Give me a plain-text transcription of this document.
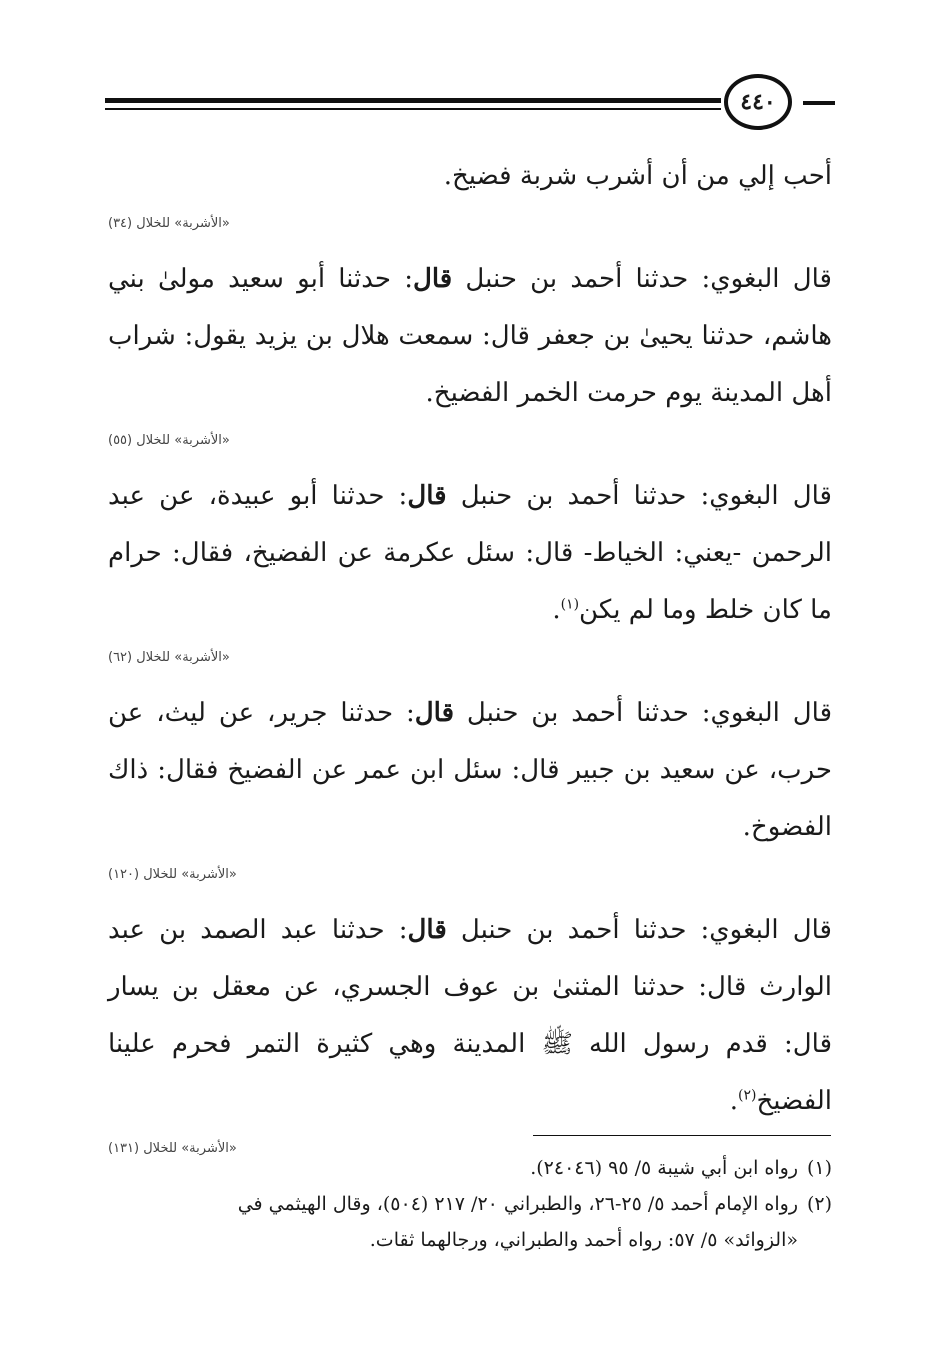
٤٤٠

أحب إلي من أن أشرب شربة فضيخ.

«الأشربة» للخلال (٣٤)

قال البغوي: حدثنا أحمد بن حنبل قال: حدثنا أبو سعيد مولىٰ بني هاشم، حدثنا يحيىٰ بن جعفر قال: سمعت هلال بن يزيد يقول: شراب أهل المدينة يوم حرمت الخمر الفضيخ.

«الأشربة» للخلال (٥٥)

قال البغوي: حدثنا أحمد بن حنبل قال: حدثنا أبو عبيدة، عن عبد الرحمن -يعني: الخياط- قال: سئل عكرمة عن الفضيخ، فقال: حرام ما كان خلط وما لم يكن$^{(١)}$.

«الأشربة» للخلال (٦٢)

قال البغوي: حدثنا أحمد بن حنبل قال: حدثنا جرير، عن ليث، عن حرب، عن سعيد بن جبير قال: سئل ابن عمر عن الفضيخ فقال: ذاك الفضوخ.

«الأشربة» للخلال (١٢٠)

قال البغوي: حدثنا أحمد بن حنبل قال: حدثنا عبد الصمد بن عبد الوارث قال: حدثنا المثنىٰ بن عوف الجسري، عن معقل بن يسار قال: قدم رسول الله ﷺ المدينة وهي كثيرة التمر فحرم علينا الفضيخ$^{(٢)}$.

«الأشربة» للخلال (١٣١)

(١)رواه ابن أبي شيبة ٥/ ٩٥ (٢٤٠٤٦).

(٢)رواه الإمام أحمد ٥/ ٢٥-٢٦، والطبراني ٢٠/ ٢١٧ (٥٠٤)، وقال الهيثمي في

«الزوائد» ٥/ ٥٧: رواه أحمد والطبراني، ورجالهما ثقات.
